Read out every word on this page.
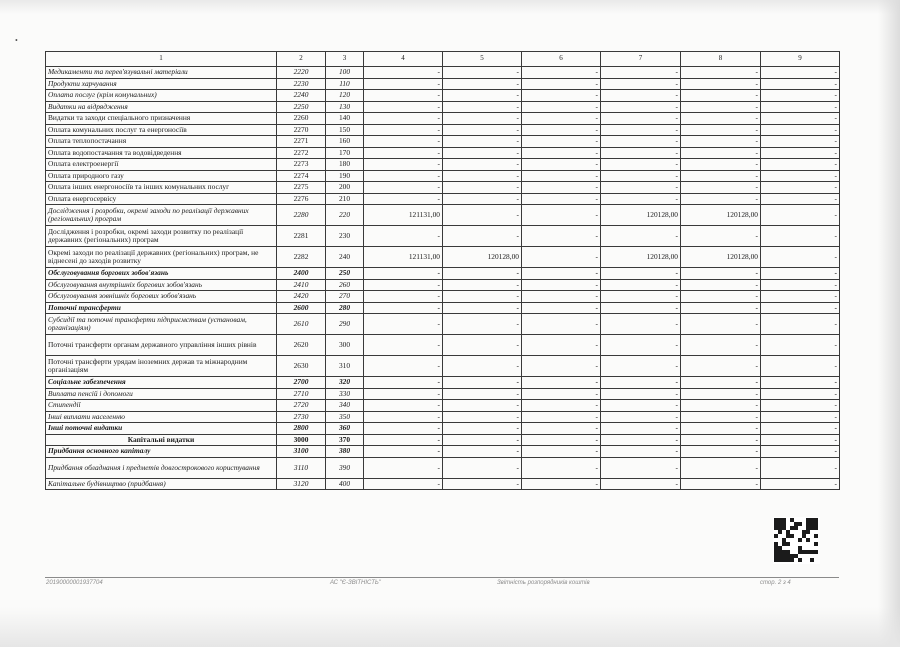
•
1	2	3	4	5	6	7	8	9
Медикаменти та перев'язувальні матеріали	2220	100	-	-	-	-	-	-
Продукти харчування	2230	110	-	-	-	-	-	-
Оплата послуг (крім комунальних)	2240	120	-	-	-	-	-	-
Видатки на відрядження	2250	130	-	-	-	-	-	-
Видатки та заходи спеціального призначення	2260	140	-	-	-	-	-	-
Оплата комунальних послуг та енергоносіїв	2270	150	-	-	-	-	-	-
Оплата теплопостачання	2271	160	-	-	-	-	-	-
Оплата водопостачання та водовідведення	2272	170	-	-	-	-	-	-
Оплата електроенергії	2273	180	-	-	-	-	-	-
Оплата природного газу	2274	190	-	-	-	-	-	-
Оплата інших енергоносіїв та інших комунальних послуг	2275	200	-	-	-	-	-	-
Оплата енергосервісу	2276	210	-	-	-	-	-	-
Дослідження і розробки, окремі заходи по реалізації державних (регіональних) програм	2280	220	121131,00	-	-	120128,00	120128,00	-
Дослідження і розробки, окремі заходи розвитку по реалізації державних (регіональних) програм	2281	230	-	-	-	-	-	-
Окремі заходи по реалізації державних (регіональних) програм, не віднесені до заходів розвитку	2282	240	121131,00	120128,00	-	120128,00	120128,00	-
Обслуговування боргових зобов'язань	2400	250	-	-	-	-	-	-
Обслуговування внутрішніх боргових зобов'язань	2410	260	-	-	-	-	-	-
Обслуговування зовнішніх боргових зобов'язань	2420	270	-	-	-	-	-	-
Поточні трансферти	2600	280	-	-	-	-	-	-
Субсидії та поточні трансферти підприємствам (установам, організаціям)	2610	290	-	-	-	-	-	-
Поточні трансферти органам державного управління інших рівнів	2620	300	-	-	-	-	-	-
Поточні трансферти урядам іноземних держав та міжнародним організаціям	2630	310	-	-	-	-	-	-
Соціальне забезпечення	2700	320	-	-	-	-	-	-
Виплата пенсій і допомоги	2710	330	-	-	-	-	-	-
Стипендії	2720	340	-	-	-	-	-	-
Інші виплати населенню	2730	350	-	-	-	-	-	-
Інші поточні видатки	2800	360	-	-	-	-	-	-
Капітальні видатки	3000	370	-	-	-	-	-	-
Придбання основного капіталу	3100	380	-	-	-	-	-	-
Придбання обладнання і предметів довгострокового користування	3110	390	-	-	-	-	-	-
Капітальне будівництво (придбання)	3120	400	-	-	-	-	-	-
20190000001937704	АС "Є-ЗВІТНІСТЬ"	Звітність розпорядників коштів	стор. 2 з 4
